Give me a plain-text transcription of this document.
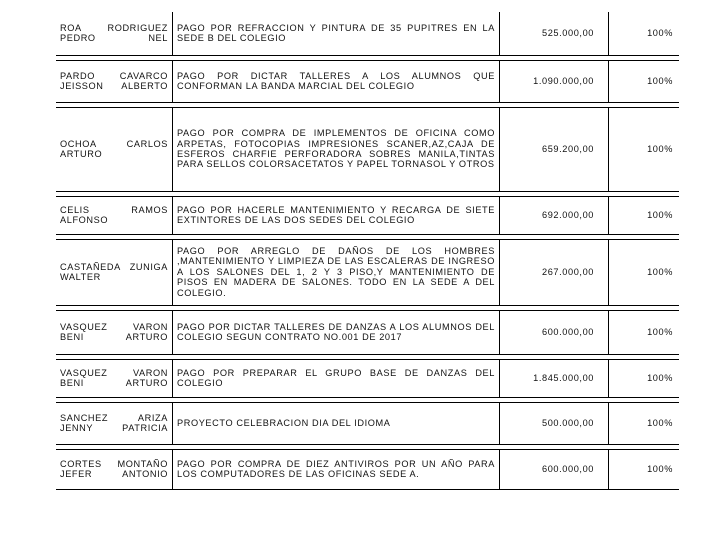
ROA RODRIGUEZ PEDRO NEL	PAGO POR REFRACCION Y PINTURA DE 35 PUPITRES EN LA SEDE B DEL COLEGIO	525.000,00	100%

PARDO CAVARCO JEISSON ALBERTO	PAGO POR DICTAR TALLERES A LOS ALUMNOS QUE CONFORMAN LA BANDA MARCIAL DEL COLEGIO	1.090.000,00	100%

OCHOA CARLOS ARTURO	PAGO POR COMPRA DE IMPLEMENTOS DE OFICINA COMO ARPETAS, FOTOCOPIAS IMPRESIONES SCANER,AZ,CAJA DE ESFEROS CHARFIE PERFORADORA SOBRES MANILA,TINTAS PARA SELLOS COLORSACETATOS Y PAPEL TORNASOL Y OTROS	659.200,00	100%

CELIS RAMOS ALFONSO	PAGO POR HACERLE MANTENIMIENTO Y RECARGA DE SIETE EXTINTORES DE LAS DOS SEDES DEL COLEGIO	692.000,00	100%

CASTAÑEDA ZUNIGA WALTER	PAGO POR ARREGLO DE DAÑOS DE LOS HOMBRES ,MANTENIMIENTO Y LIMPIEZA DE LAS ESCALERAS DE INGRESO A LOS SALONES DEL 1, 2 Y 3 PISO,Y MANTENIMIENTO DE PISOS EN MADERA DE SALONES. TODO EN LA SEDE A DEL COLEGIO.	267.000,00	100%

VASQUEZ VARON BENI ARTURO	PAGO POR DICTAR TALLERES DE DANZAS A LOS ALUMNOS DEL COLEGIO SEGUN CONTRATO NO.001 DE 2017	600.000,00	100%

VASQUEZ VARON BENI ARTURO	PAGO POR PREPARAR EL GRUPO BASE DE DANZAS DEL COLEGIO	1.845.000,00	100%

SANCHEZ ARIZA JENNY PATRICIA	PROYECTO CELEBRACION DIA DEL IDIOMA	500.000,00	100%

CORTES MONTAÑO JEFER ANTONIO	PAGO POR COMPRA DE DIEZ ANTIVIROS POR UN AÑO PARA LOS COMPUTADORES DE LAS OFICINAS SEDE A.	600.000,00	100%
